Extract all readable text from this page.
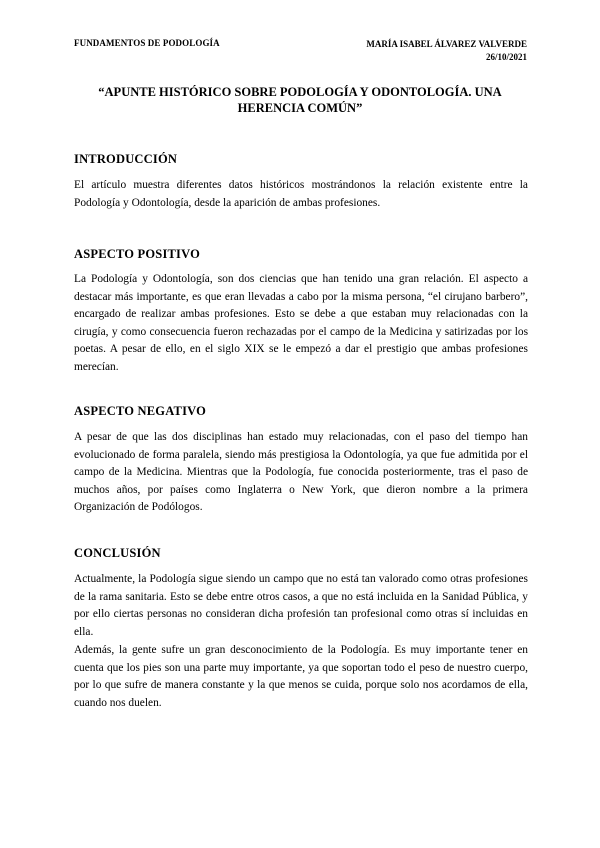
FUNDAMENTOS DE PODOLOGÍA	MARÍA ISABEL ÁLVAREZ VALVERDE
26/10/2021
“APUNTE HISTÓRICO SOBRE PODOLOGÍA Y ODONTOLOGÍA. UNA HERENCIA COMÚN”
INTRODUCCIÓN
El artículo muestra diferentes datos históricos mostrándonos la relación existente entre la Podología y Odontología, desde la aparición de ambas profesiones.
ASPECTO POSITIVO
La Podología y Odontología, son dos ciencias que han tenido una gran relación. El aspecto a destacar más importante, es que eran llevadas a cabo por la misma persona, “el cirujano barbero”, encargado de realizar ambas profesiones. Esto se debe a que estaban muy relacionadas con la cirugía, y como consecuencia fueron rechazadas por el campo de la Medicina y satirizadas por los poetas. A pesar de ello, en el siglo XIX se le empezó a dar el prestigio que ambas profesiones merecían.
ASPECTO NEGATIVO
A pesar de que las dos disciplinas han estado muy relacionadas, con el paso del tiempo han evolucionado de forma paralela, siendo más prestigiosa la Odontología, ya que fue admitida por el campo de la Medicina. Mientras que la Podología, fue conocida posteriormente, tras el paso de muchos años, por países como Inglaterra o New York, que dieron nombre a la primera Organización de Podólogos.
CONCLUSIÓN
Actualmente, la Podología sigue siendo un campo que no está tan valorado como otras profesiones de la rama sanitaria. Esto se debe entre otros casos, a que no está incluida en la Sanidad Pública, y por ello ciertas personas no consideran dicha profesión tan profesional como otras sí incluidas en ella.
Además, la gente sufre un gran desconocimiento de la Podología. Es muy importante tener en cuenta que los pies son una parte muy importante, ya que soportan todo el peso de nuestro cuerpo, por lo que sufre de manera constante y la que menos se cuida, porque solo nos acordamos de ella, cuando nos duelen.
